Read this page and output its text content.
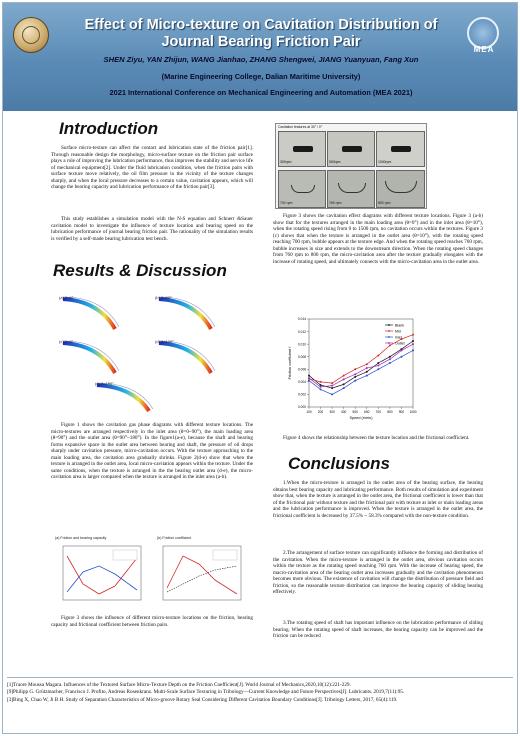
Effect of Micro-texture on Cavitation Distribution of
Journal Bearing Friction Pair
SHEN Ziyu, YAN Zhijun, WANG Jianhao, ZHANG Shengwei, JIANG Yuanyuan, Fang Xun
(Marine Engineering College, Dalian Maritime University)
2021 International Conference on Mechanical Engineering and Automation (MEA 2021)
MEA
Introduction
Surface micro-texture can affect the contact and lubrication state of the friction pair[1]. Through reasonable design the morphology, micro-surface texture on the friction pair surface plays a role of improving the lubrication performance, thus improves the stability and service life of mechanical equipment[2]. Under the fluid lubrication condition, when the friction pairs with surface texture move relatively, the oil film pressure in the vicinity of the texture changes sharply, and when the local pressure decreases to a certain value, cavitation appears, which will change the bearing capacity and lubrication performance of the friction pair[3].
This study establishes a simulation model with the N-S equation and Schnerr &Sauer cavitation model to investigate the influence of texture location and bearing speed on the lubrication performance of journal bearing friction pair. The rationality of the simulation results is verified by a self-made bearing lubrication test bench.
Results & Discussion
(a) θ=0°	(b) θ=90°
(c) θ=0°	(d) θ=120°
(e) θ=150°
Figure 1 shows the cavitation gas phase diagrams with different texture locations. The micro-textures are arranged respectively in the inlet area (θ=0~90°), the main loading area (θ=90°) and the outlet area (θ=90°~180°). In the figure1(a-e), because the shaft and bearing forms expansive space in the outlet area between bearing and shaft, the pressure of oil drops sharply under cavitation pressure, micro-cavitation occurs. With the texture approaching to the main loading area, the cavitation area gradually shrinks. Figure 2(d-e) show that when the texture is arranged in the outlet area, local micro-cavitation appears within the texture. Under the same conditions, when the texture is arranged in the the bearing outlet area (d-e), the micro-cavitation area is larger compared when the texture is arranged in the inlet area (a-b).
(a) Friction and bearing capacity	(b) Friction coefficient
Figure 3 shows the influence of different micro-texture locations on the friction, bearing capacity and frictional coefficient between friction pairs.
Cavitation features at 30° / 0°
300rpm	500rpm	1000rpm
700 rpm	760 rpm	800 rpm
Figure 3 shows the cavitation effect diagrams with different texture locations. Figure 3 (a-b) show that for the textures arranged in the main loading area (θ=0°) and in the inlet area (θ=10°), when the rotating speed rising from 0 to 1500 rpm, no cavitation occurs within the textures. Figure 3 (c) shows that when the texture is arranged in the outlet area (θ=10°), with the rotating speed reaching 700 rpm, bubble appears at the texture edge. And when the rotating speed reaches 760 rpm, bubble increases in size and extends to the downstream direction. When the rotating speed changes from 760 rpm to 800 rpm, the micro-cavitation area after the texture gradually elongates with the increase of rotating speed, and ultimately connects with the micro-cavitation area in the outlet area.
0.000
0.002
0.004
0.006
0.008
0.010
0.012
0.014
100 200 300 400 500 600 700 800 900 1000
Speed (r/min)
Friction coefficient f
Blank
Mid
Inlet
Outlet
Figure 4 shows the relationship between the texture location and the frictional coefficient.
Conclusions
1.When the micro-texture is arranged in the outlet area of the bearing surface, the bearing obtains best bearing capacity and lubricating performance. Both results of simulation and experiment show that, when the texture is arranged in the outlet area, the frictional coefficient is lower than that of the frictional pair without texture and the frictional pair with texture at inlet or main loading areas and the lubrication performance is improved. When the texture is arranged in the outlet area, the frictional coefficient is decreased by 37.5% ~ 58.3% compared with the non-texture condition.
2.The arrangement of surface texture can significantly influence the forming and distribution of the cavitation. When the micro-texture is arranged in the outlet area, obvious cavitation occurs within the texture as the rotating speed reaching 760 rpm. With the increase of bearing speed, the macro-cavitation area of the bearing outlet area increases gradually and the cavitation phenomenon becomes more obvious. The existence of cavitation will change the distribution of pressure field and friction, so the reasonable texture distribution can improve the bearing capacity of sliding bearing effectively.
3.The rotating speed of shaft has important influence on the lubrication performance of sliding bearing. When the rotating speed of shaft increases, the bearing capacity can be improved and the friction can be reduced

[1]Traore Moussa Magara. Influences of the Textured Surface Micro-Texture Depth on the Friction Coefficient[J]. World Journal of Mechanics,2020,10(12):221-229.

[9]Philipp G. Grützmacher, Francisco J. Profito, Andreas Rosenkranz. Multi-Scale Surface Texturing in Tribology—Current Knowledge and Future Perspectives[J]. Lubricants. 2019,7(11):95.

[3]Bing X, Chao W, Ji B H. Study of Separation Characteristics of Micro-groove Rotary Seal Considering Different Cavitation Boundary Conditions[J]. Tribology Letters, 2017, 65(4):119.
